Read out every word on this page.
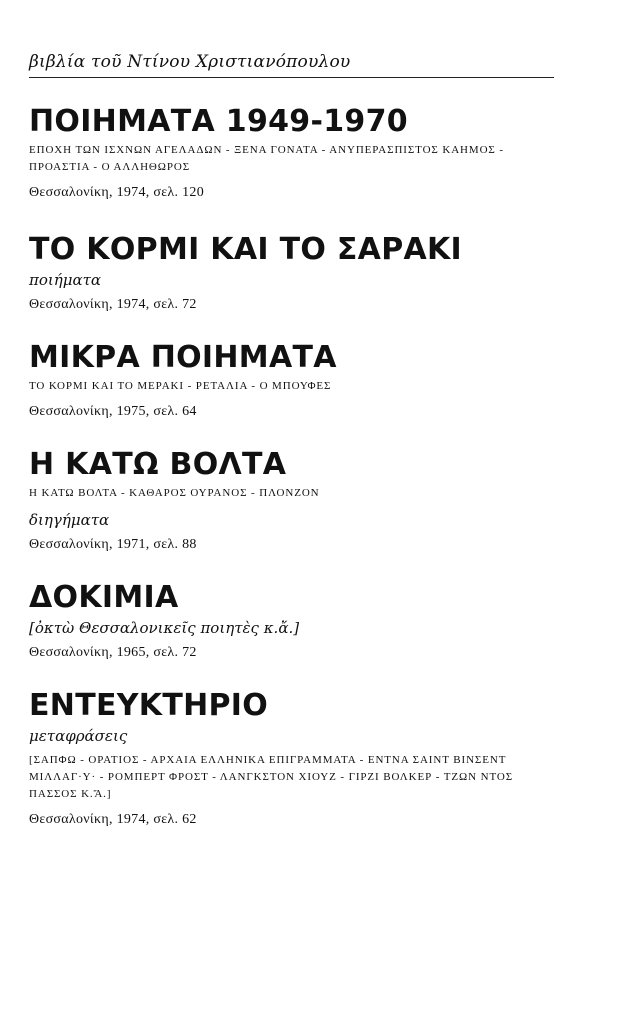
βιβλία τοῦ Ντίνου Χριστιανόπουλου
ΠΟΙΗΜΑΤΑ 1949-1970
ΕΠΟΧΗ ΤΩΝ ΙΣΧΝΩΝ ΑΓΕΛΑΔΩΝ - ΞΕΝΑ ΓΟΝΑΤΑ - ΑΝΥΠΕΡΑΣΠΙΣΤΟΣ ΚΑΗΜΟΣ - ΠΡΟΑΣΤΙΑ - Ο ΑΛΛΗΘΩΡΟΣ
Θεσσαλονίκη, 1974, σελ. 120
ΤΟ ΚΟΡΜΙ ΚΑΙ ΤΟ ΣΑΡΑΚΙ
ποιήματα
Θεσσαλονίκη, 1974, σελ. 72
ΜΙΚΡΑ ΠΟΙΗΜΑΤΑ
ΤΟ ΚΟΡΜΙ ΚΑΙ ΤΟ ΜΕΡΑΚΙ - ΡΕΤΑΛΙΑ - Ο ΜΠΟΥΦΕΣ
Θεσσαλονίκη, 1975, σελ. 64
Η ΚΑΤΩ ΒΟΛΤΑ
Η ΚΑΤΩ ΒΟΛΤΑ - ΚΑΘΑΡΟΣ ΟΥΡΑΝΟΣ - ΠΛΟΝΖΟΝ
διηγήματα
Θεσσαλονίκη, 1971, σελ. 88
ΔΟΚΙΜΙΑ
[ὀκτὼ Θεσσαλονικεῖς ποιητὲς κ.ἄ.]
Θεσσαλονίκη, 1965, σελ. 72
ΕΝΤΕΥΚΤΗΡΙΟ
μεταφράσεις
[ΣΑΠΦΩ - ΟΡΑΤΙΟΣ - ΑΡΧΑΙΑ ΕΛΛΗΝΙΚΑ ΕΠΙΓΡΑΜΜΑΤΑ - ΕΝΤΝΑ ΣΑΙΝΤ ΒΙΝΣΕΝΤ ΜΙΛΛΑΓ·Υ· - ΡΟΜΠΕΡΤ ΦΡΟΣΤ - ΛΑΝΓΚΣΤΟΝ ΧΙΟΥΖ - ΓΙΡΖΙ ΒΟΛΚΕΡ - ΤΖΩΝ ΝΤΟΣ ΠΑΣΣΟΣ Κ.Ἄ.]
Θεσσαλονίκη, 1974, σελ. 62
